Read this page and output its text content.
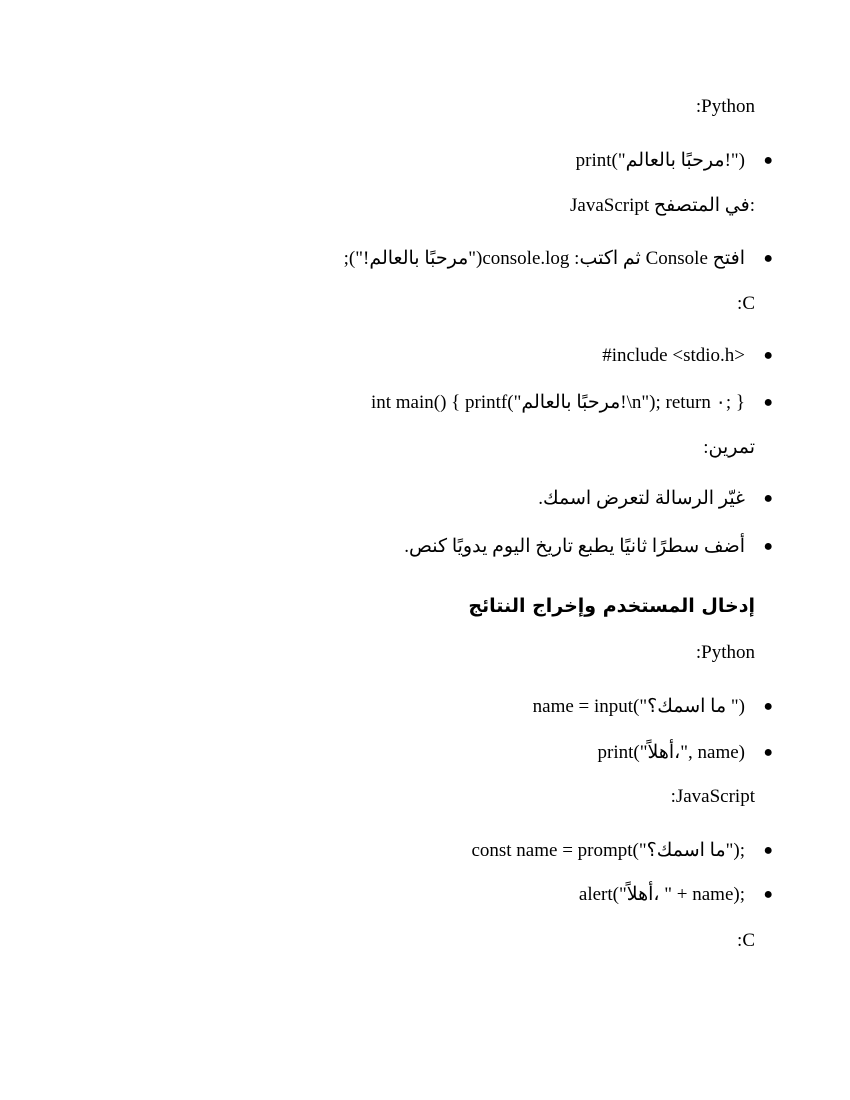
:Python
●
print("مرحبًا بالعالم!")
JavaScript في المتصفح:
●
افتح Console ثم اكتب: console.log("مرحبًا بالعالم!");
:C
●
#include <stdio.h>
●
int main() { printf("مرحبًا بالعالم!\n"); return ٠; }
تمرين:
●
غيّر الرسالة لتعرض اسمك.
●
أضف سطرًا ثانيًا يطبع تاريخ اليوم يدويًا كنص.
إدخال المستخدم وإخراج النتائج
:Python
●
name = input("ما اسمك؟ ")
●
print("أهلاً،", name)
:JavaScript
●
const name = prompt("ما اسمك؟");
●
alert("أهلاً، " + name);
:C
